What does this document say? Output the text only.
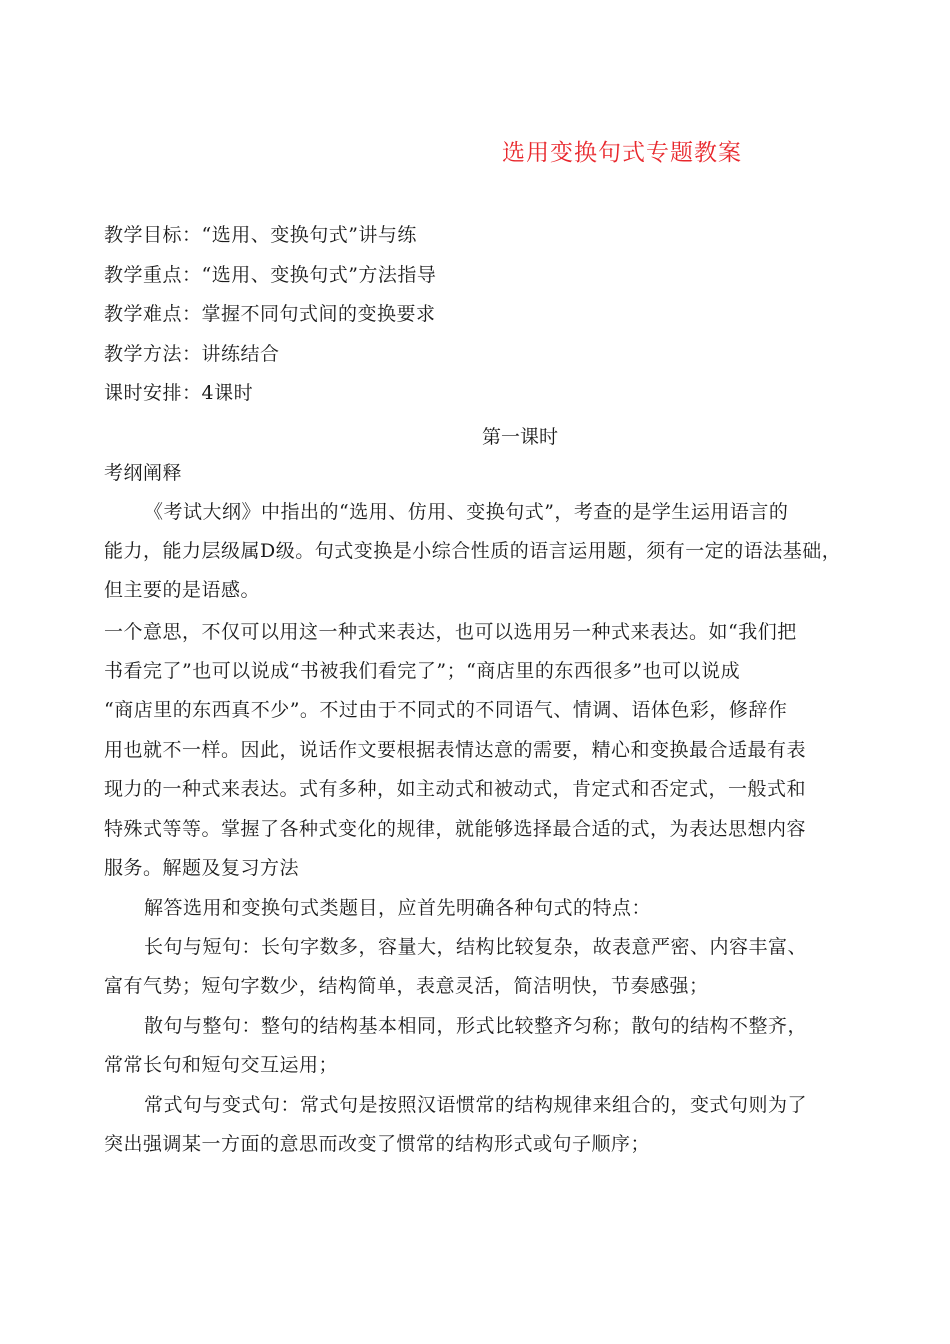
选用变换句式专题教案
教学目标：“选用、变换句式”讲与练
教学重点：“选用、变换句式”方法指导
教学难点：掌握不同句式间的变换要求
教学方法：讲练结合
课时安排：4课时
第一课时
考纲阐释
《考试大纲》中指出的“选用、仿用、变换句式”，考查的是学生运用语言的
能力，能力层级属D级。句式变换是小综合性质的语言运用题，须有一定的语法基础，
但主要的是语感。
一个意思，不仅可以用这一种式来表达，也可以选用另一种式来表达。如“我们把
书看完了”也可以说成“书被我们看完了”；“商店里的东西很多”也可以说成
“商店里的东西真不少”。不过由于不同式的不同语气、情调、语体色彩，修辞作
用也就不一样。因此，说话作文要根据表情达意的需要，精心和变换最合适最有表
现力的一种式来表达。式有多种，如主动式和被动式，肯定式和否定式，一般式和
特殊式等等。掌握了各种式变化的规律，就能够选择最合适的式，为表达思想内容
服务。解题及复习方法
解答选用和变换句式类题目，应首先明确各种句式的特点：
长句与短句：长句字数多，容量大，结构比较复杂，故表意严密、内容丰富、
富有气势；短句字数少，结构简单，表意灵活，简洁明快，节奏感强；
散句与整句：整句的结构基本相同，形式比较整齐匀称；散句的结构不整齐，
常常长句和短句交互运用；
常式句与变式句：常式句是按照汉语惯常的结构规律来组合的，变式句则为了
突出强调某一方面的意思而改变了惯常的结构形式或句子顺序；
